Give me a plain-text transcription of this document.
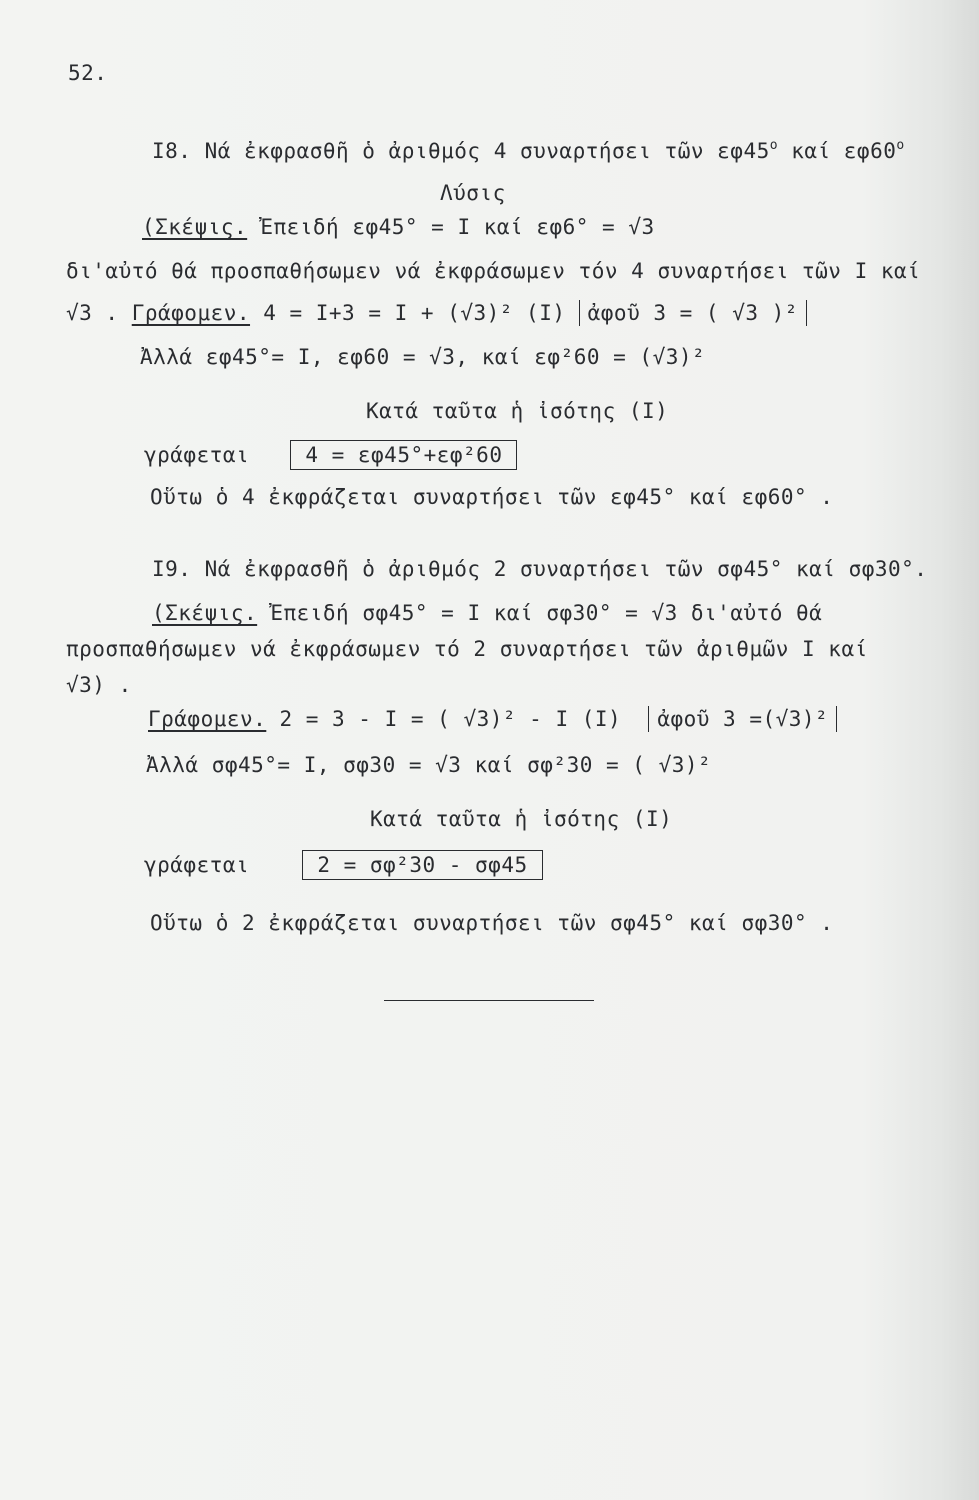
52.
Ι8. Νά ἐκφρασθῆ ὁ ἀριθμός 4 συναρτήσει τῶν εφ45$^o$ καί εφ60$^o$
Λύσις
(Σκέψις. Ἐπειδή εφ45° = Ι καί εφ6° = √3
δι'αὐτό θά προσπαθήσωμεν νά ἐκφράσωμεν τόν 4 συναρτήσει τῶν Ι καί
√3 . Γράφομεν. 4 = Ι+3 = Ι + (√3)² (Ι) ἀφοῦ 3 = ( √3 )²
Ἀλλά εφ45°= Ι, εφ60 = √3, καί εφ²60 = (√3)²
Κατά ταῦτα ἡ ἰσότης (Ι)
γράφεται	4 = εφ45°+εφ²60
Οὕτω ὁ 4 ἐκφράζεται συναρτήσει τῶν εφ45° καί εφ60° .
Ι9. Νά ἐκφρασθῆ ὁ ἀριθμός 2 συναρτήσει τῶν σφ45° καί σφ30°.
(Σκέψις. Ἐπειδή σφ45° = Ι καί σφ30° = √3 δι'αὐτό θά
προσπαθήσωμεν νά ἐκφράσωμεν τό 2 συναρτήσει τῶν ἀριθμῶν Ι καί
√3) .
Γράφομεν. 2 = 3 - Ι = ( √3)² - Ι (Ι) ἀφοῦ 3 =(√3)²
Ἀλλά σφ45°= Ι, σφ30 = √3 καί σφ²30 = ( √3)²
Κατά ταῦτα ἡ ἰσότης (Ι)
γράφεται	2 = σφ²30 - σφ45
Οὕτω ὁ 2 ἐκφράζεται συναρτήσει τῶν σφ45° καί σφ30° .
